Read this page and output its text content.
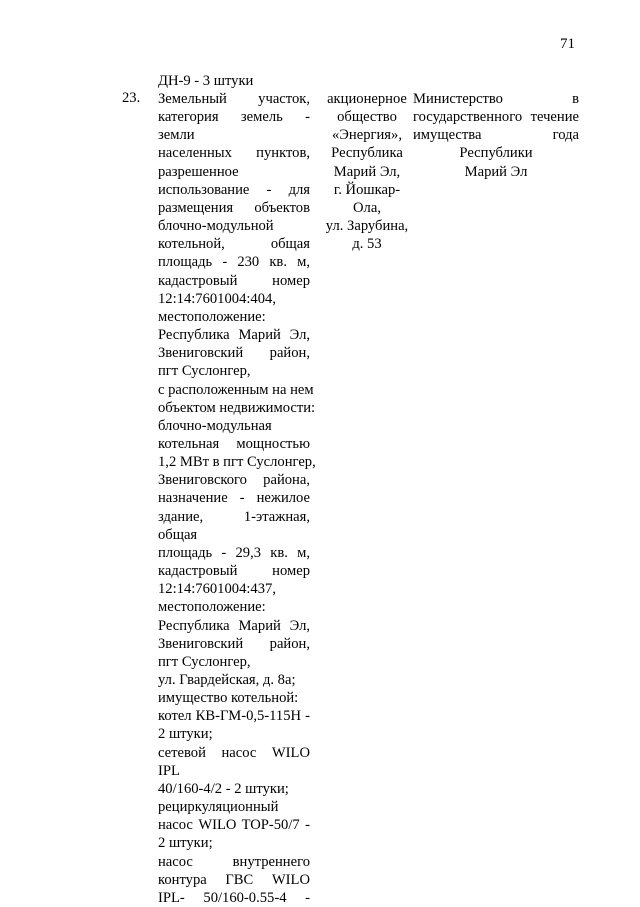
71
ДН-9 - 3 штуки
23. Земельный участок,
категория земель - земли
населенных пунктов,
разрешенное
использование - для
размещения объектов
блочно-модульной
котельной, общая
площадь - 230 кв. м,
кадастровый номер
12:14:7601004:404,
местоположение:
Республика Марий Эл,
Звениговский район,
пгт Суслонгер,
с расположенным на нем
объектом недвижимости:
блочно-модульная
котельная мощностью
1,2 МВт в пгт Суслонгер,
Звениговского района,
назначение - нежилое
здание, 1-этажная, общая
площадь - 29,3 кв. м,
кадастровый номер
12:14:7601004:437,
местоположение:
Республика Марий Эл,
Звениговский район,
пгт Суслонгер,
ул. Гвардейская, д. 8а;
имущество котельной:
котел КВ-ГМ-0,5-115Н -
2 штуки;
сетевой насос WILO IPL
40/160-4/2 - 2 штуки;
рециркуляционный
насос WILO TOP-50/7 -
2 штуки;
насос внутреннего
контура ГВС WILO
IPL- 50/160-0.55-4 -
акционерное
общество
«Энергия»,
Республика
Марий Эл,
г. Йошкар-
Ола,
ул. Зарубина,
д. 53
Министерство в
государственного течение
имущества года
Республики
Марий Эл
